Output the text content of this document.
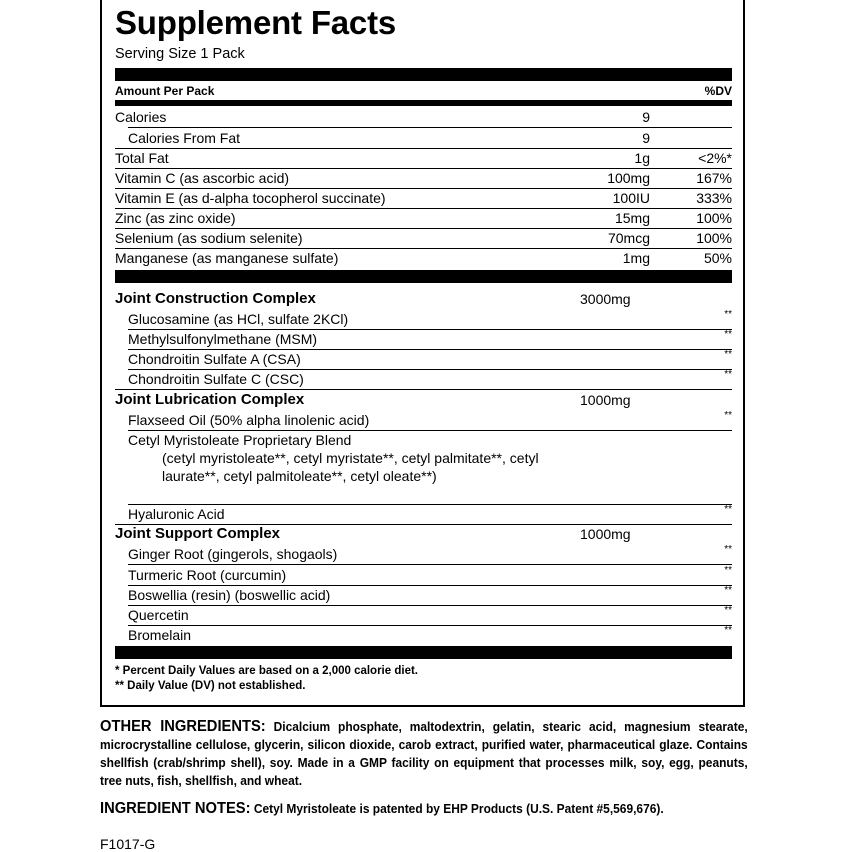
Supplement Facts
Serving Size 1 Pack
Amount Per Pack	%DV
Calories	9
Calories From Fat	9
Total Fat	1g	<2%*
Vitamin C (as ascorbic acid)	100mg	167%
Vitamin E (as d-alpha tocopherol succinate)	100IU	333%
Zinc (as zinc oxide)	15mg	100%
Selenium (as sodium selenite)	70mcg	100%
Manganese (as manganese sulfate)	1mg	50%
Joint Construction Complex	3000mg
Glucosamine (as HCl, sulfate 2KCl)	**
Methylsulfonylmethane (MSM)	**
Chondroitin Sulfate A (CSA)	**
Chondroitin Sulfate C (CSC)	**
Joint Lubrication Complex	1000mg
Flaxseed Oil (50% alpha linolenic acid)	**
Cetyl Myristoleate Proprietary Blend
(cetyl myristoleate**, cetyl myristate**, cetyl palmitate**, cetyl laurate**, cetyl palmitoleate**, cetyl oleate**)
Hyaluronic Acid	**
Joint Support Complex	1000mg
Ginger Root (gingerols, shogaols)	**
Turmeric Root (curcumin)	**
Boswellia (resin) (boswellic acid)	**
Quercetin	**
Bromelain	**
* Percent Daily Values are based on a 2,000 calorie diet.
** Daily Value (DV) not established.
OTHER INGREDIENTS: Dicalcium phosphate, maltodextrin, gelatin, stearic acid, magnesium stearate, microcrystalline cellulose, glycerin, silicon dioxide, carob extract, purified water, pharmaceutical glaze. Contains shellfish (crab/shrimp shell), soy. Made in a GMP facility on equipment that processes milk, soy, egg, peanuts, tree nuts, fish, shellfish, and wheat.
INGREDIENT NOTES: Cetyl Myristoleate is patented by EHP Products (U.S. Patent #5,569,676).
F1017-G
